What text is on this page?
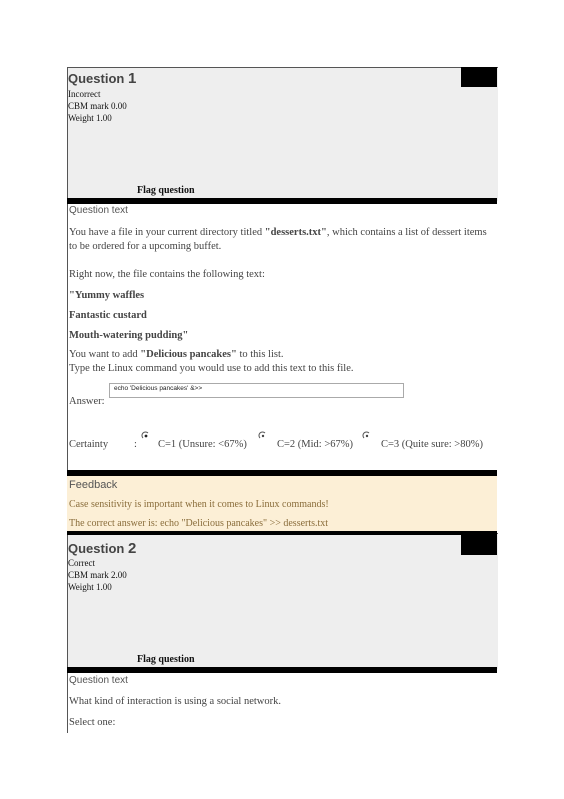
Question 1
Incorrect
CBM mark 0.00
Weight 1.00
Flag question
Question text
You have a file in your current directory titled "desserts.txt", which contains a list of dessert items to be ordered for a upcoming buffet.
Right now, the file contains the following text:
"Yummy waffles
Fantastic custard
Mouth-watering pudding"
You want to add "Delicious pancakes" to this list.
Type the Linux command you would use to add this text to this file.
Answer:
echo 'Delicious pancakes' &>>
Certainty : C=1 (Unsure: <67%)	C=2 (Mid: >67%)	C=3 (Quite sure: >80%)
Feedback
Case sensitivity is important when it comes to Linux commands!
The correct answer is: echo "Delicious pancakes" >> desserts.txt
Question 2
Correct
CBM mark 2.00
Weight 1.00
Flag question
Question text
What kind of interaction is using a social network.
Select one:
